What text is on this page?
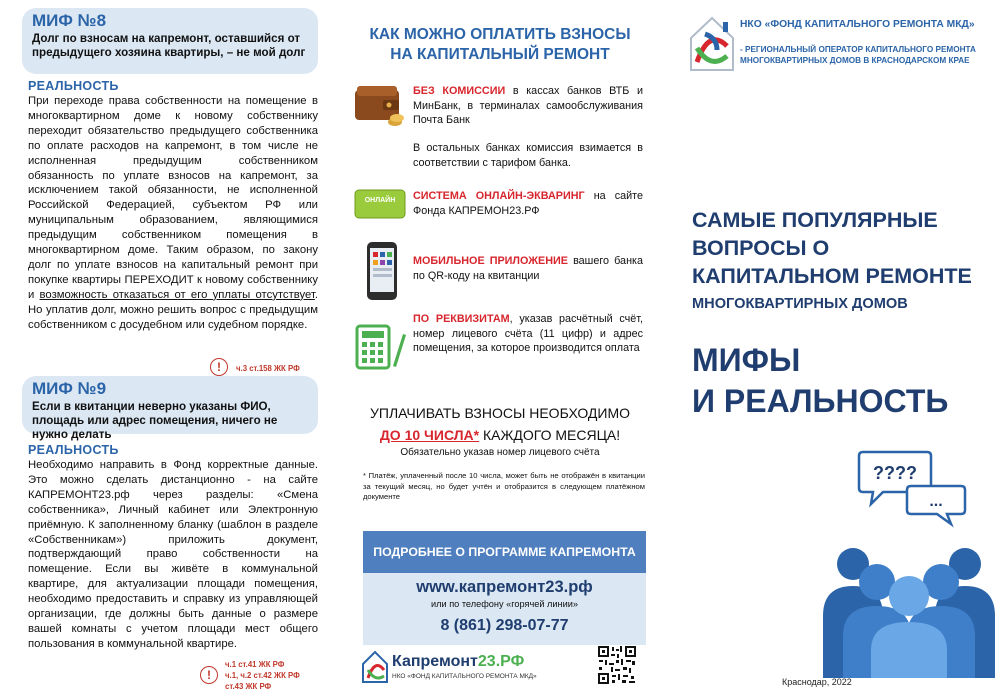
МИФ №8
Долг по взносам на капремонт, оставшийся от предыдущего хозяина квартиры, – не мой долг
РЕАЛЬНОСТЬ
При переходе права собственности на помещение в многоквартирном доме к новому собственнику переходит обязательство предыдущего собственника по оплате расходов на капремонт, в том числе не исполненная предыдущим собственником обязанность по уплате взносов на капремонт, за исключением такой обязанности, не исполненной Российской Федерацией, субъектом РФ или муниципальным образованием, являющимися предыдущим собственником помещения в многоквартирном доме. Таким образом, по закону долг по уплате взносов на капитальный ремонт при покупке квартиры ПЕРЕХОДИТ к новому собственнику и возможность отказаться от его уплаты отсутствует. Но уплатив долг, можно решить вопрос с предыдущим собственником с досудебном или судебном порядке.
!	ч.3 ст.158 ЖК РФ
МИФ №9
Если в квитанции неверно указаны ФИО, площадь или адрес помещения, ничего не нужно делать
РЕАЛЬНОСТЬ
Необходимо направить в Фонд корректные данные. Это можно сделать дистанционно - на сайте КАПРЕМОНТ23.рф через разделы: «Смена собственника», Личный кабинет или Электронную приёмную. К заполненному бланку (шаблон в разделе «Собственникам») приложить документ, подтверждающий право собственности на помещение. Если вы живёте в коммунальной квартире, для актуализации площади помещения, необходимо предоставить и справку из управляющей организации, где должны быть данные о размере вашей комнаты с учетом площади мест общего пользования в коммунальной квартире.
!
ч.1 ст.41 ЖК РФ
ч.1, ч.2 ст.42 ЖК РФ
ст.43 ЖК РФ
КАК МОЖНО ОПЛАТИТЬ ВЗНОСЫ
НА КАПИТАЛЬНЫЙ РЕМОНТ
БЕЗ КОМИССИИ в кассах банков ВТБ и МинБанк, в терминалах самообслуживания Почта Банк
В остальных банках комиссия взимается в соответствии с тарифом банка.
ОНЛАЙН СИСТЕМА ОНЛАЙН-ЭКВАРИНГ на сайте Фонда КАПРЕМОН23.РФ
МОБИЛЬНОЕ ПРИЛОЖЕНИЕ вашего банка по QR-коду на квитанции
ПО РЕКВИЗИТАМ, указав расчётный счёт, номер лицевого счёта (11 цифр) и адрес помещения, за которое производится оплата
УПЛАЧИВАТЬ ВЗНОСЫ НЕОБХОДИМО
ДО 10 ЧИСЛА* КАЖДОГО МЕСЯЦА!
Обязательно указав номер лицевого счёта
* Платёж, уплаченный после 10 числа, может быть не отображён в квитанции за текущий месяц, но будет учтён и отобразится в следующем платёжном документе
ПОДРОБНЕЕ О ПРОГРАММЕ КАПРЕМОНТА
www.капремонт23.рф
или по телефону «горячей линии»
8 (861) 298-07-77
Капремонт23.РФ
НКО «ФОНД КАПИТАЛЬНОГО РЕМОНТА МКД»
НКО «ФОНД КАПИТАЛЬНОГО РЕМОНТА МКД»
- РЕГИОНАЛЬНЫЙ ОПЕРАТОР КАПИТАЛЬНОГО РЕМОНТА МНОГОКВАРТИРНЫХ ДОМОВ В КРАСНОДАРСКОМ КРАЕ
САМЫЕ ПОПУЛЯРНЫЕ
ВОПРОСЫ О
КАПИТАЛЬНОМ РЕМОНТЕ
МНОГОКВАРТИРНЫХ ДОМОВ
МИФЫ
И РЕАЛЬНОСТЬ
????
...
Краснодар, 2022
